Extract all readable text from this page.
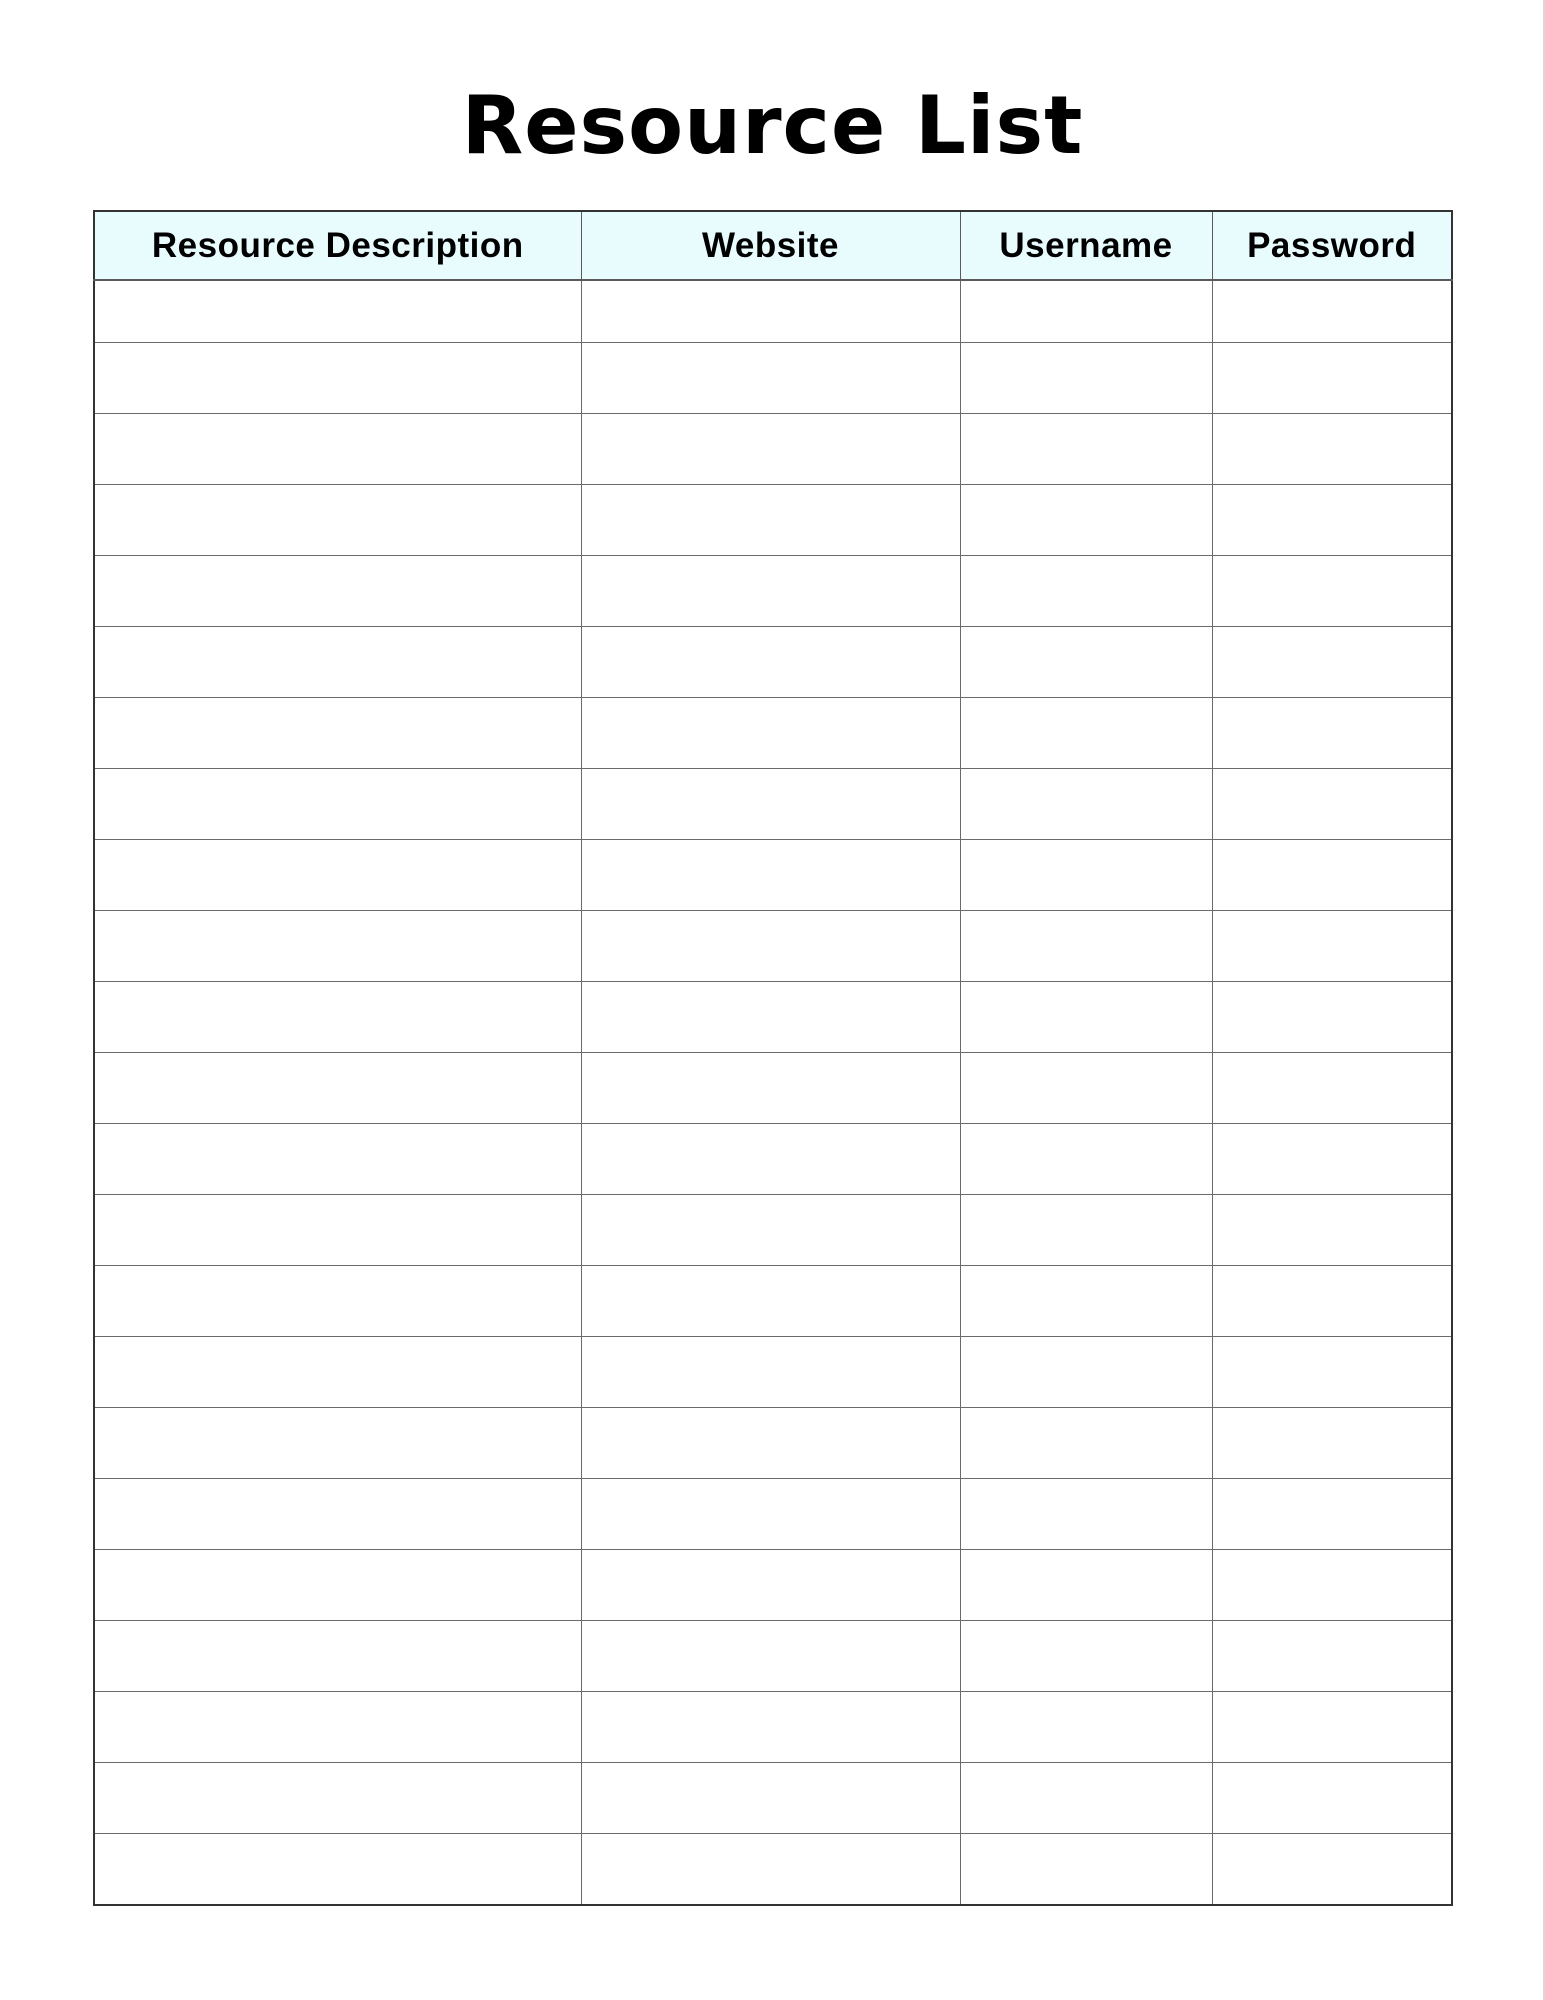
Resource List
Resource Description	Website	Username	Password
